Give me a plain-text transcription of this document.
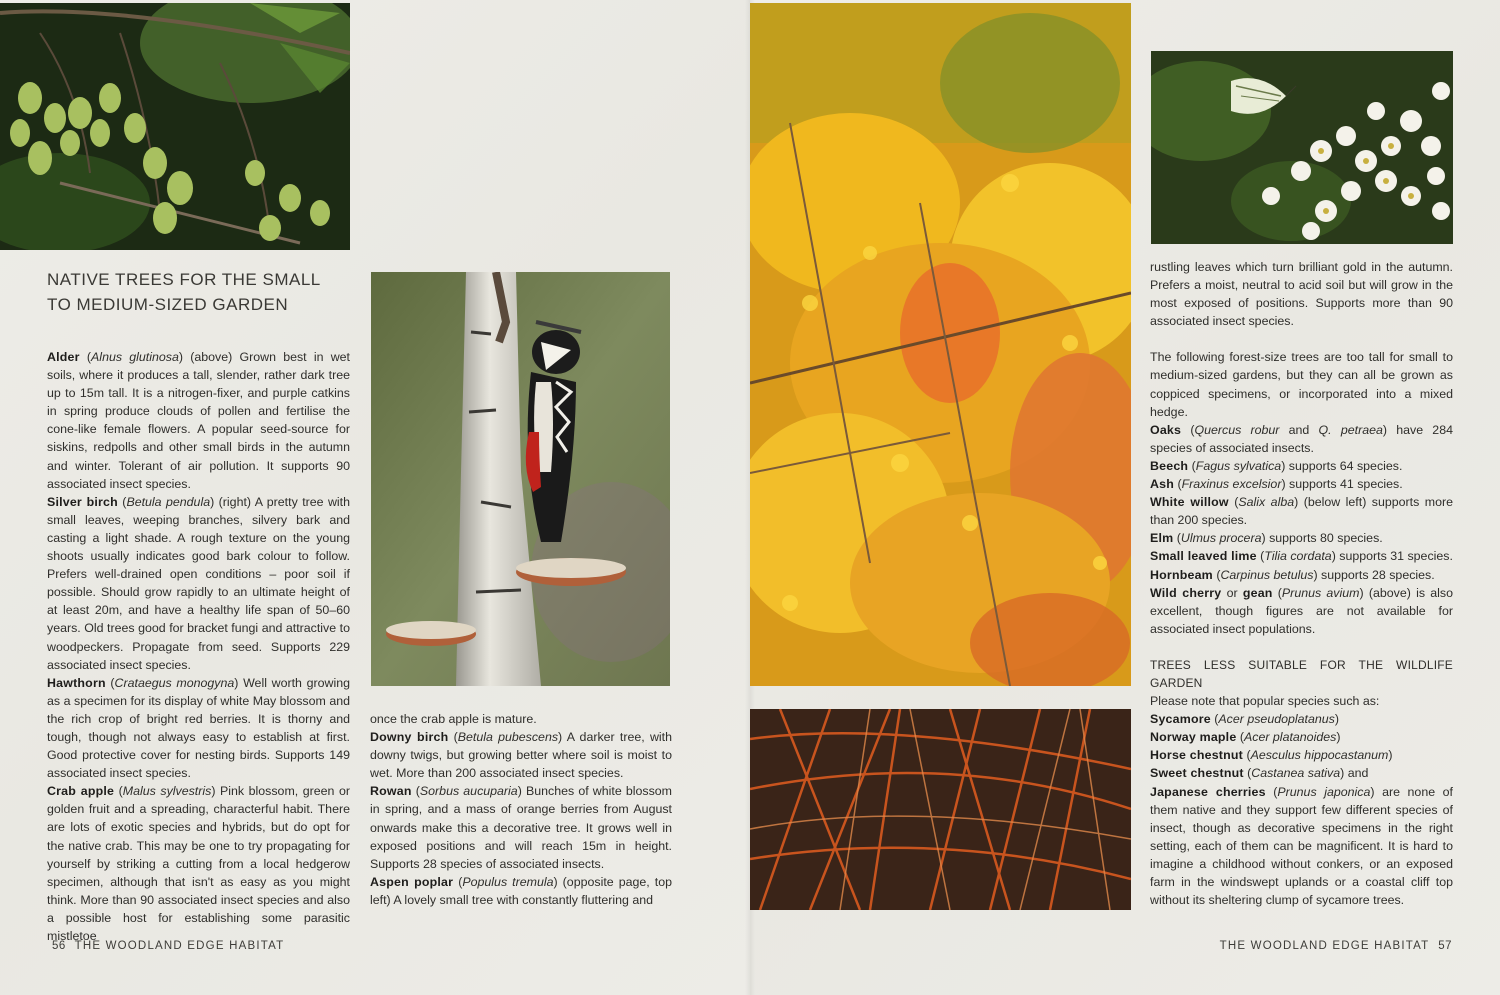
NATIVE TREES FOR THE SMALL TO MEDIUM-SIZED GARDEN

Alder (Alnus glutinosa) (above) Grown best in wet soils, where it produces a tall, slender, rather dark tree up to 15m tall. It is a nitrogen-fixer, and purple catkins in spring produce clouds of pollen and fertilise the cone-like female flowers. A popular seed-source for siskins, redpolls and other small birds in the autumn and winter. Tolerant of air pollution. It supports 90 associated insect species.

Silver birch (Betula pendula) (right) A pretty tree with small leaves, weeping branches, silvery bark and casting a light shade. A rough texture on the young shoots usually indicates good bark colour to follow. Prefers well-drained open conditions – poor soil if possible. Should grow rapidly to an ultimate height of at least 20m, and have a healthy life span of 50–60 years. Old trees good for bracket fungi and attractive to woodpeckers. Propagate from seed. Supports 229 associated insect species.

Hawthorn (Crataegus monogyna) Well worth growing as a specimen for its display of white May blossom and the rich crop of bright red berries. It is thorny and tough, though not always easy to establish at first. Good protective cover for nesting birds. Supports 149 associated insect species.

Crab apple (Malus sylvestris) Pink blossom, green or golden fruit and a spreading, characterful habit. There are lots of exotic species and hybrids, but do opt for the native crab. This may be one to try propagating for yourself by striking a cutting from a local hedgerow specimen, although that isn't as easy as you might think. More than 90 associated insect species and also a possible host for establishing some parasitic mistletoe

once the crab apple is mature.

Downy birch (Betula pubescens) A darker tree, with downy twigs, but growing better where soil is moist to wet. More than 200 associated insect species.

Rowan (Sorbus aucuparia) Bunches of white blossom in spring, and a mass of orange berries from August onwards make this a decorative tree. It grows well in exposed positions and will reach 15m in height. Supports 28 species of associated insects.

Aspen poplar (Populus tremula) (opposite page, top left) A lovely small tree with constantly fluttering and

56 THE WOODLAND EDGE HABITAT

rustling leaves which turn brilliant gold in the autumn. Prefers a moist, neutral to acid soil but will grow in the most exposed of positions. Supports more than 90 associated insect species.

The following forest-size trees are too tall for small to medium-sized gardens, but they can all be grown as coppiced specimens, or incorporated into a mixed hedge.

Oaks (Quercus robur and Q. petraea) have 284 species of associated insects.

Beech (Fagus sylvatica) supports 64 species.

Ash (Fraxinus excelsior) supports 41 species.

White willow (Salix alba) (below left) supports more than 200 species.

Elm (Ulmus procera) supports 80 species.

Small leaved lime (Tilia cordata) supports 31 species.

Hornbeam (Carpinus betulus) supports 28 species.

Wild cherry or gean (Prunus avium) (above) is also excellent, though figures are not available for associated insect populations.

TREES LESS SUITABLE FOR THE WILDLIFE GARDEN

Please note that popular species such as:

Sycamore (Acer pseudoplatanus)

Norway maple (Acer platanoides)

Horse chestnut (Aesculus hippocastanum)

Sweet chestnut (Castanea sativa) and

Japanese cherries (Prunus japonica) are none of them native and they support few different species of insect, though as decorative specimens in the right setting, each of them can be magnificent. It is hard to imagine a childhood without conkers, or an exposed farm in the windswept uplands or a coastal cliff top without its sheltering clump of sycamore trees.

THE WOODLAND EDGE HABITAT 57
